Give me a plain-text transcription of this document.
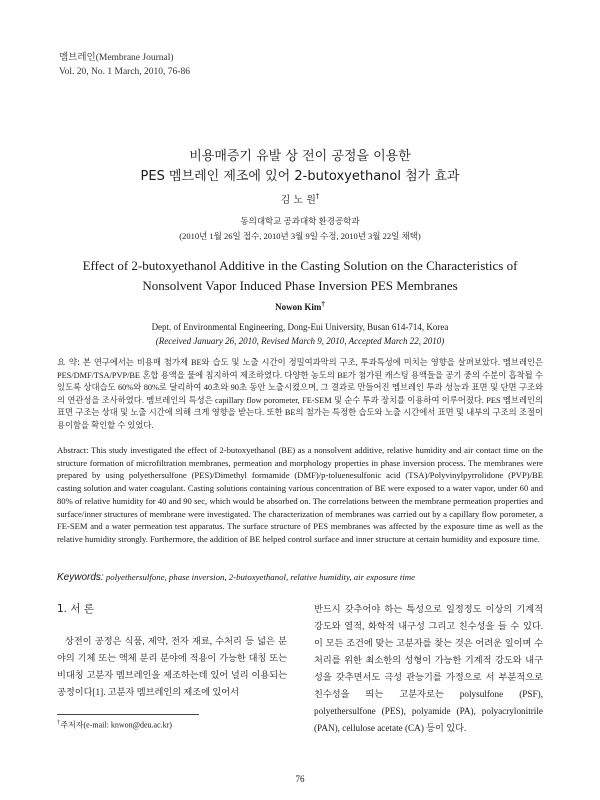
멤브레인(Membrane Journal)
Vol. 20, No. 1 March, 2010, 76-86
비용매증기 유발 상 전이 공정을 이용한
PES 멤브레인 제조에 있어 2-butoxyethanol 첨가 효과
김 노 원†
동의대학교 공과대학 환경공학과
(2010년 1월 26일 접수, 2010년 3월 9일 수정, 2010년 3월 22일 채택)
Effect of 2-butoxyethanol Additive in the Casting Solution on the Characteristics of
Nonsolvent Vapor Induced Phase Inversion PES Membranes
Nowon Kim†
Dept. of Environmental Engineering, Dong-Eui University, Busan 614-714, Korea
(Received January 26, 2010, Revised March 9, 2010, Accepted March 22, 2010)
요 약: 본 연구에서는 비용매 첨가제 BE와 습도 및 노출 시간이 정밀여과막의 구조, 투과특성에 미치는 영향을 살펴보았다. 멤브레인은 PES/DMF/TSA/PVP/BE 혼합 용액을 물에 침지하여 제조하였다. 다양한 농도의 BE가 첨가된 캐스팅 용액들을 공기 중의 수분이 흡착될 수 있도록 상대습도 60%와 80%로 달리하여 40초와 90초 동안 노출시켰으며, 그 결과로 만들어진 멤브레인 투과 성능과 표면 및 단면 구조와의 연관성을 조사하였다. 멤브레인의 특성은 capillary flow porometer, FE-SEM 및 순수 투과 장치를 이용하여 이루어졌다. PES 멤브레인의 표면 구조는 상대 및 노출 시간에 의해 크게 영향을 받는다. 또한 BE의 첨가는 특정한 습도와 노출 시간에서 표면 및 내부의 구조의 조절이 용이함을 확인할 수 있었다.
Abstract: This study investigated the effect of 2-butoxyethanol (BE) as a nonsolvent additive, relative humidity and air contact time on the structure formation of microfiltration membranes, permeation and morphology properties in phase inversion process. The membranes were prepared by using polyethersulfone (PES)/Dimethyl formamide (DMF)/p-toluenesulfonic acid (TSA)/Polyvinylpyrrolidone (PVP)/BE casting solution and water coagulant. Casting solutions containing various concentration of BE were exposed to a water vapor, under 60 and 80% of relative humidity for 40 and 90 sec, which would be absorbed on. The correlations between the membrane permeation properties and surface/inner structures of membrane were investigated. The characterization of membranes was carried out by a capillary flow porometer, a FE-SEM and a water permeation test apparatus. The surface structure of PES membranes was affected by the exposure time as well as the relative humidity strongly. Furthermore, the addition of BE helped control surface and inner structure at certain humidity and exposure time.
Keywords: polyethersulfone, phase inversion, 2-butoxyethanol, relative humidity, air exposure time
1. 서 론
상전이 공정은 식품, 제약, 전자 재료, 수처리 등 넓은 분야의 기체 또는 액체 분리 분야에 적용이 가능한 대칭 또는 비대칭 고분자 멤브레인을 제조하는데 있어 널리 이용되는 공정이다[1]. 고분자 멤브레인의 제조에 있어서
반드시 갖추어야 하는 특성으로 일정정도 이상의 기계적 강도와 열적, 화학적 내구성 그리고 친수성을 들 수 있다. 이 모든 조건에 맞는 고분자를 찾는 것은 어려운 일이며 수처리를 위한 최소한의 성형이 가능한 기계적 강도와 내구성을 갖추면서도 극성 관능기를 가정으로 서 부분적으로 친수성을 띄는 고분자로는 polysulfone (PSF), polyethersulfone (PES), polyamide (PA), polyacrylonitrile (PAN), cellulose acetate (CA) 등이 있다.
†주저자(e-mail: knwon@deu.ac.kr)
76
